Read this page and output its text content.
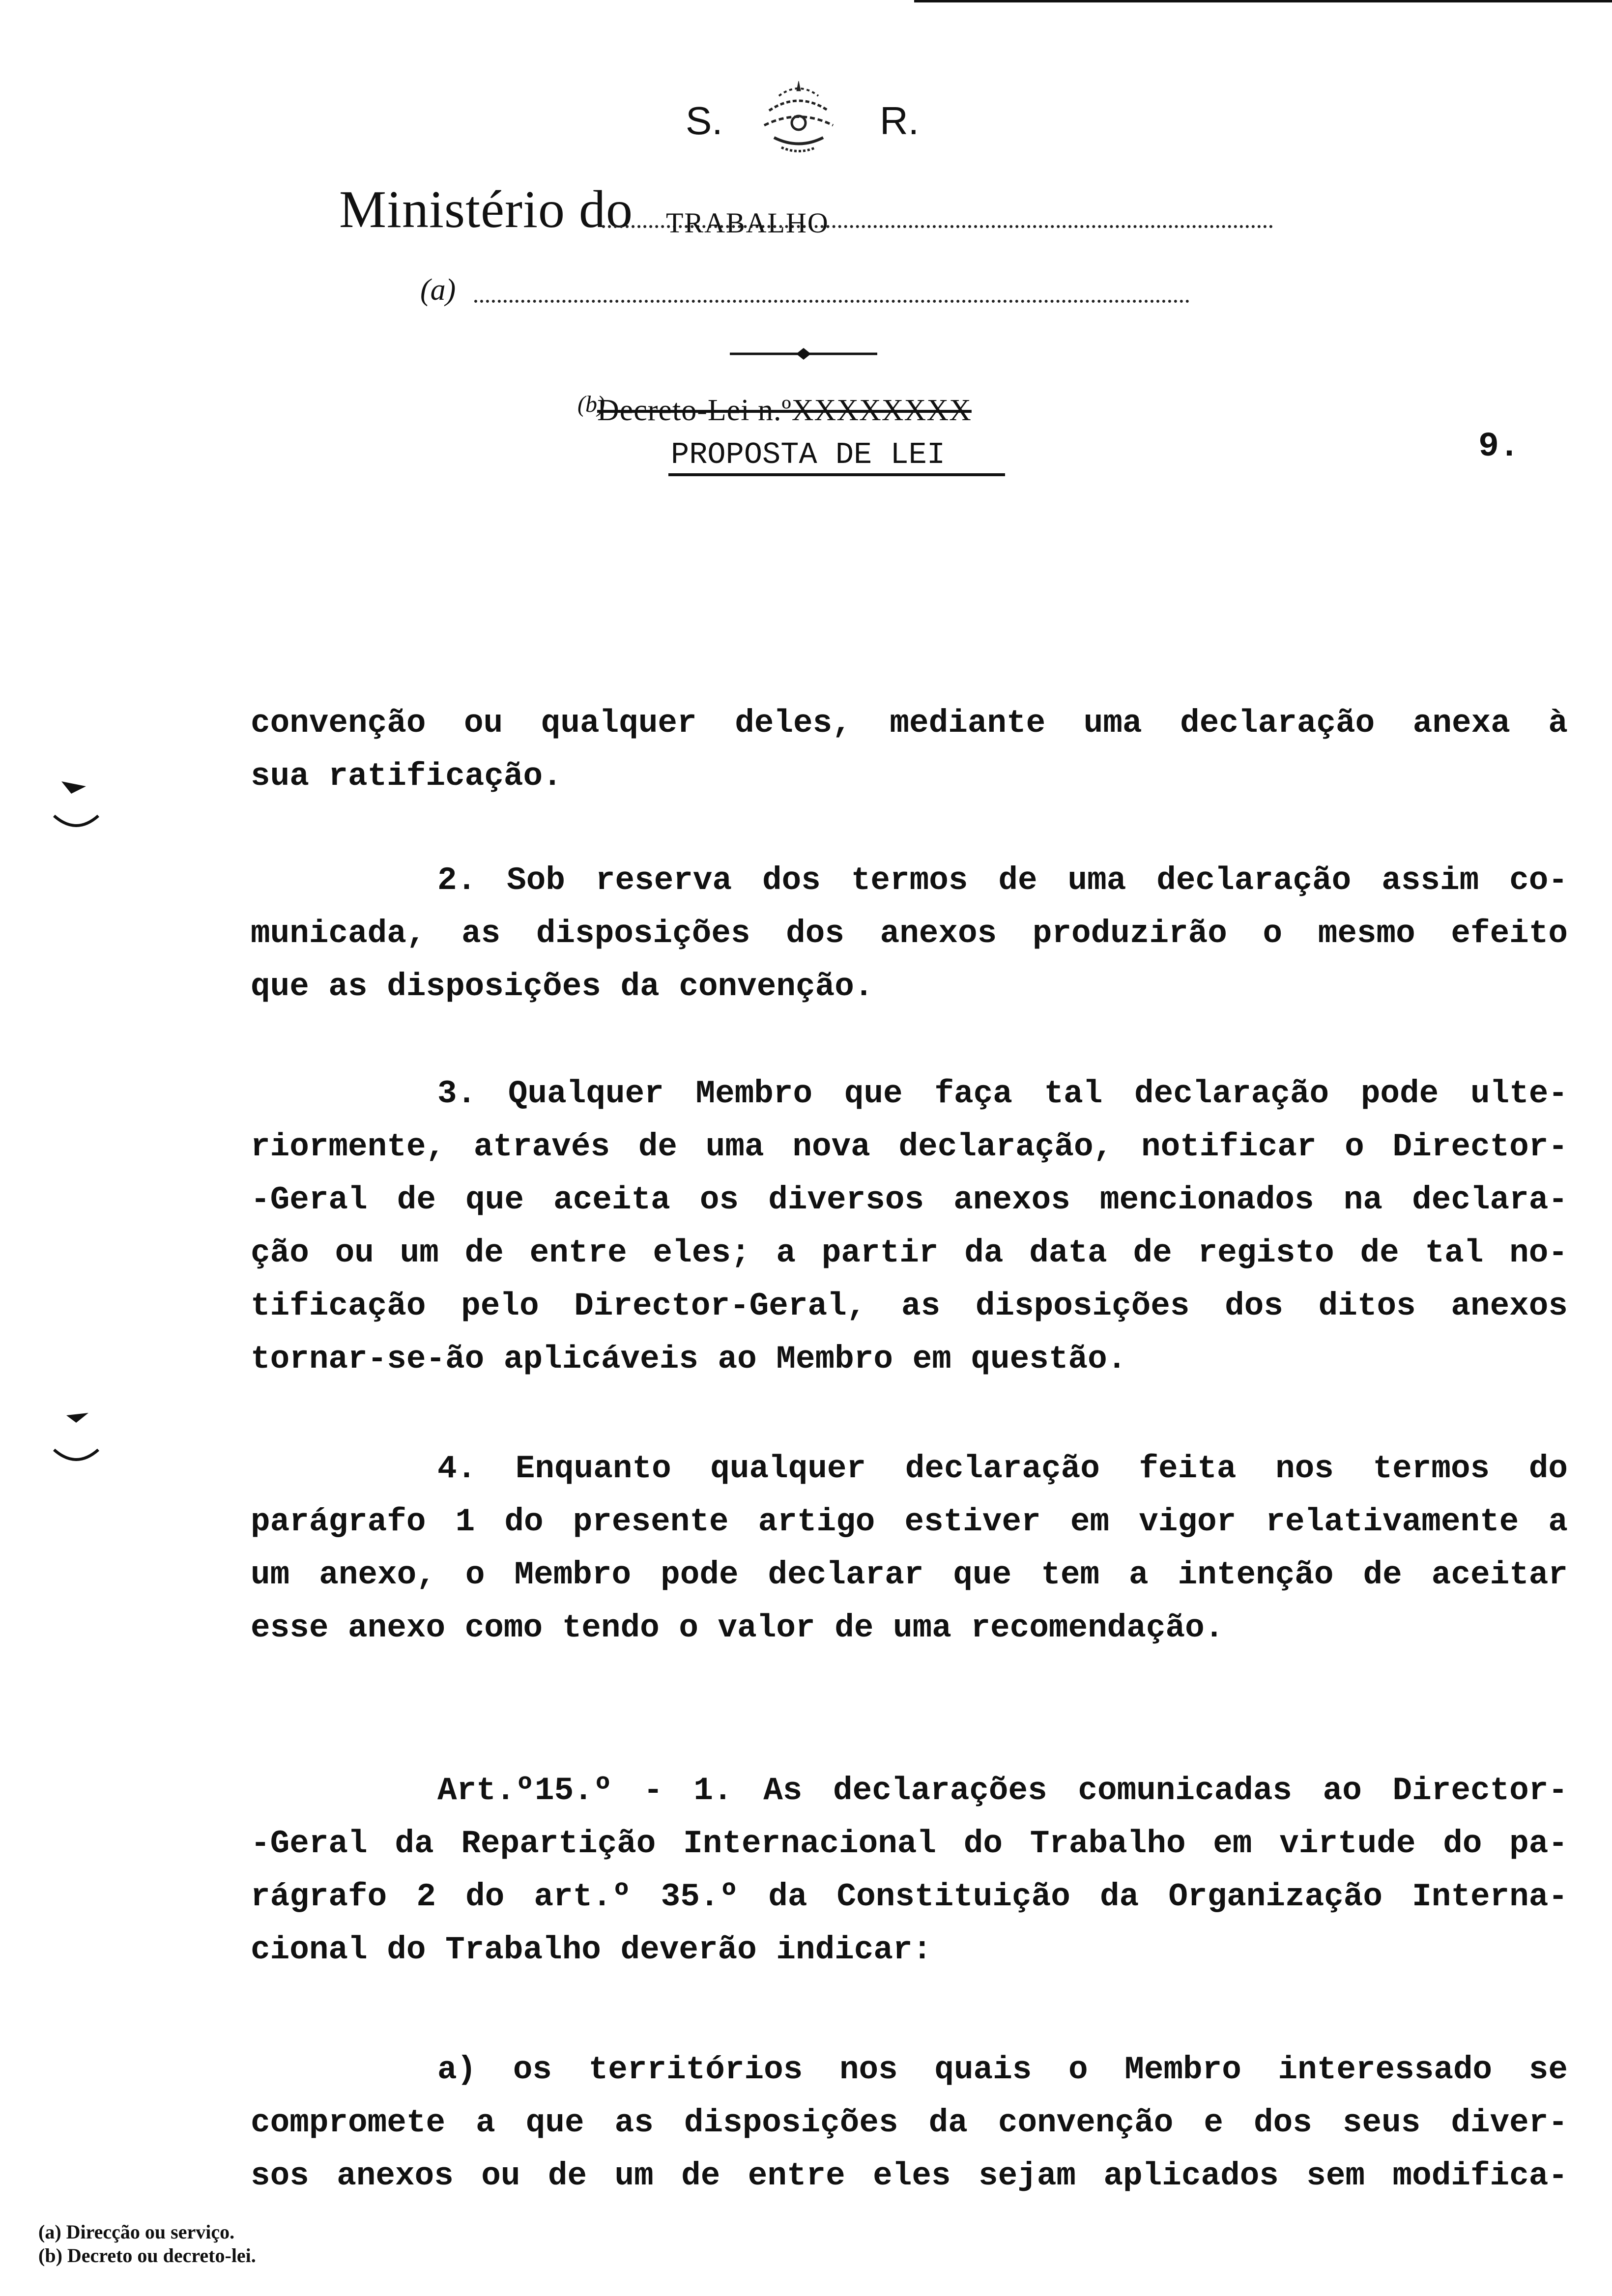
S.	R.
Ministério do TRABALHO
(a)
(b)
Decreto-Lei n.ºXXXXXXXX
PROPOSTA DE LEI	9.

convenção ou qualquer deles, mediante uma declaração anexa à

sua ratificação.

2. Sob reserva dos termos de uma declaração assim co-

municada, as disposições dos anexos produzirão o mesmo efeito

que as disposições da convenção.

3. Qualquer Membro que faça tal declaração pode ulte-

riormente, através de uma nova declaração, notificar o Director-

-Geral de que aceita os diversos anexos mencionados na declara-

ção ou um de entre eles; a partir da data de registo de tal no-

tificação pelo Director-Geral, as disposições dos ditos anexos

tornar-se-ão aplicáveis ao Membro em questão.

4. Enquanto qualquer declaração feita nos termos do

parágrafo 1 do presente artigo estiver em vigor relativamente a

um anexo, o Membro pode declarar que tem a intenção de aceitar

esse anexo como tendo o valor de uma recomendação.

Art.º15.º - 1. As declarações comunicadas ao Director-

-Geral da Repartição Internacional do Trabalho em virtude do pa-

rágrafo 2 do art.º 35.º da Constituição da Organização Interna-

cional do Trabalho deverão indicar:

a) os territórios nos quais o Membro interessado se

compromete a que as disposições da convenção e dos seus diver-

sos anexos ou de um de entre eles sejam aplicados sem modifica-

(a) Direcção ou serviço.
(b) Decreto ou decreto-lei.
